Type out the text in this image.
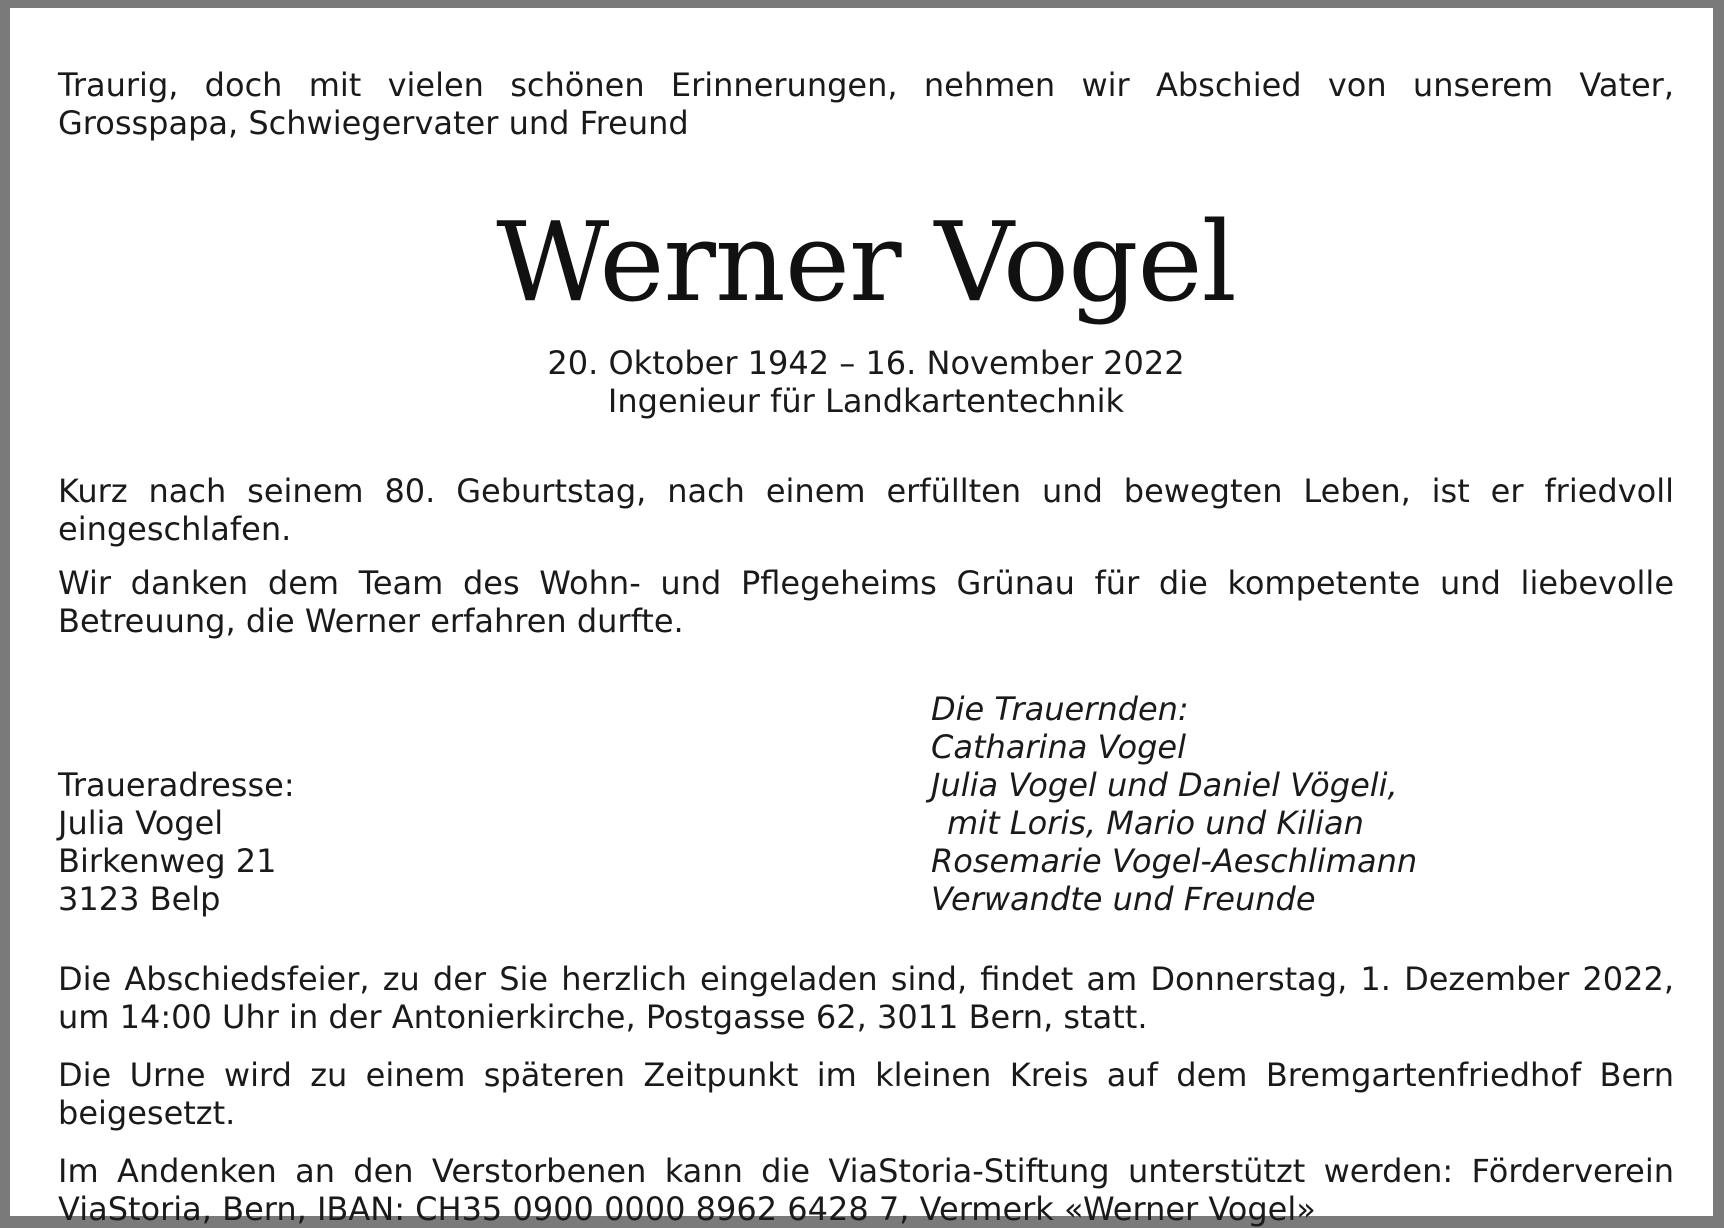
Traurig, doch mit vielen schönen Erinnerungen, nehmen wir Abschied von unserem Vater, Grosspapa, Schwiegervater und Freund

Werner Vogel
20. Oktober 1942 – 16. November 2022
Ingenieur für Landkartentechnik

Kurz nach seinem 80. Geburtstag, nach einem erfüllten und bewegten Leben, ist er friedvoll eingeschlafen.

Wir danken dem Team des Wohn- und Pflegeheims Grünau für die kompetente und liebevolle Betreuung, die Werner erfahren durfte.

Traueradresse:
Julia Vogel
Birkenweg 21
3123 Belp
Die Trauernden:
Catharina Vogel
Julia Vogel und Daniel Vögeli,
mit Loris, Mario und Kilian
Rosemarie Vogel-Aeschlimann
Verwandte und Freunde

Die Abschiedsfeier, zu der Sie herzlich eingeladen sind, findet am Donnerstag, 1. Dezember 2022, um 14:00 Uhr in der Antonierkirche, Postgasse 62, 3011 Bern, statt.

Die Urne wird zu einem späteren Zeitpunkt im kleinen Kreis auf dem Bremgartenfriedhof Bern beigesetzt.

Im Andenken an den Verstorbenen kann die ViaStoria-Stiftung unterstützt werden: Förderverein ViaStoria, Bern, IBAN: CH35 0900 0000 8962 6428 7, Vermerk «Werner Vogel»
